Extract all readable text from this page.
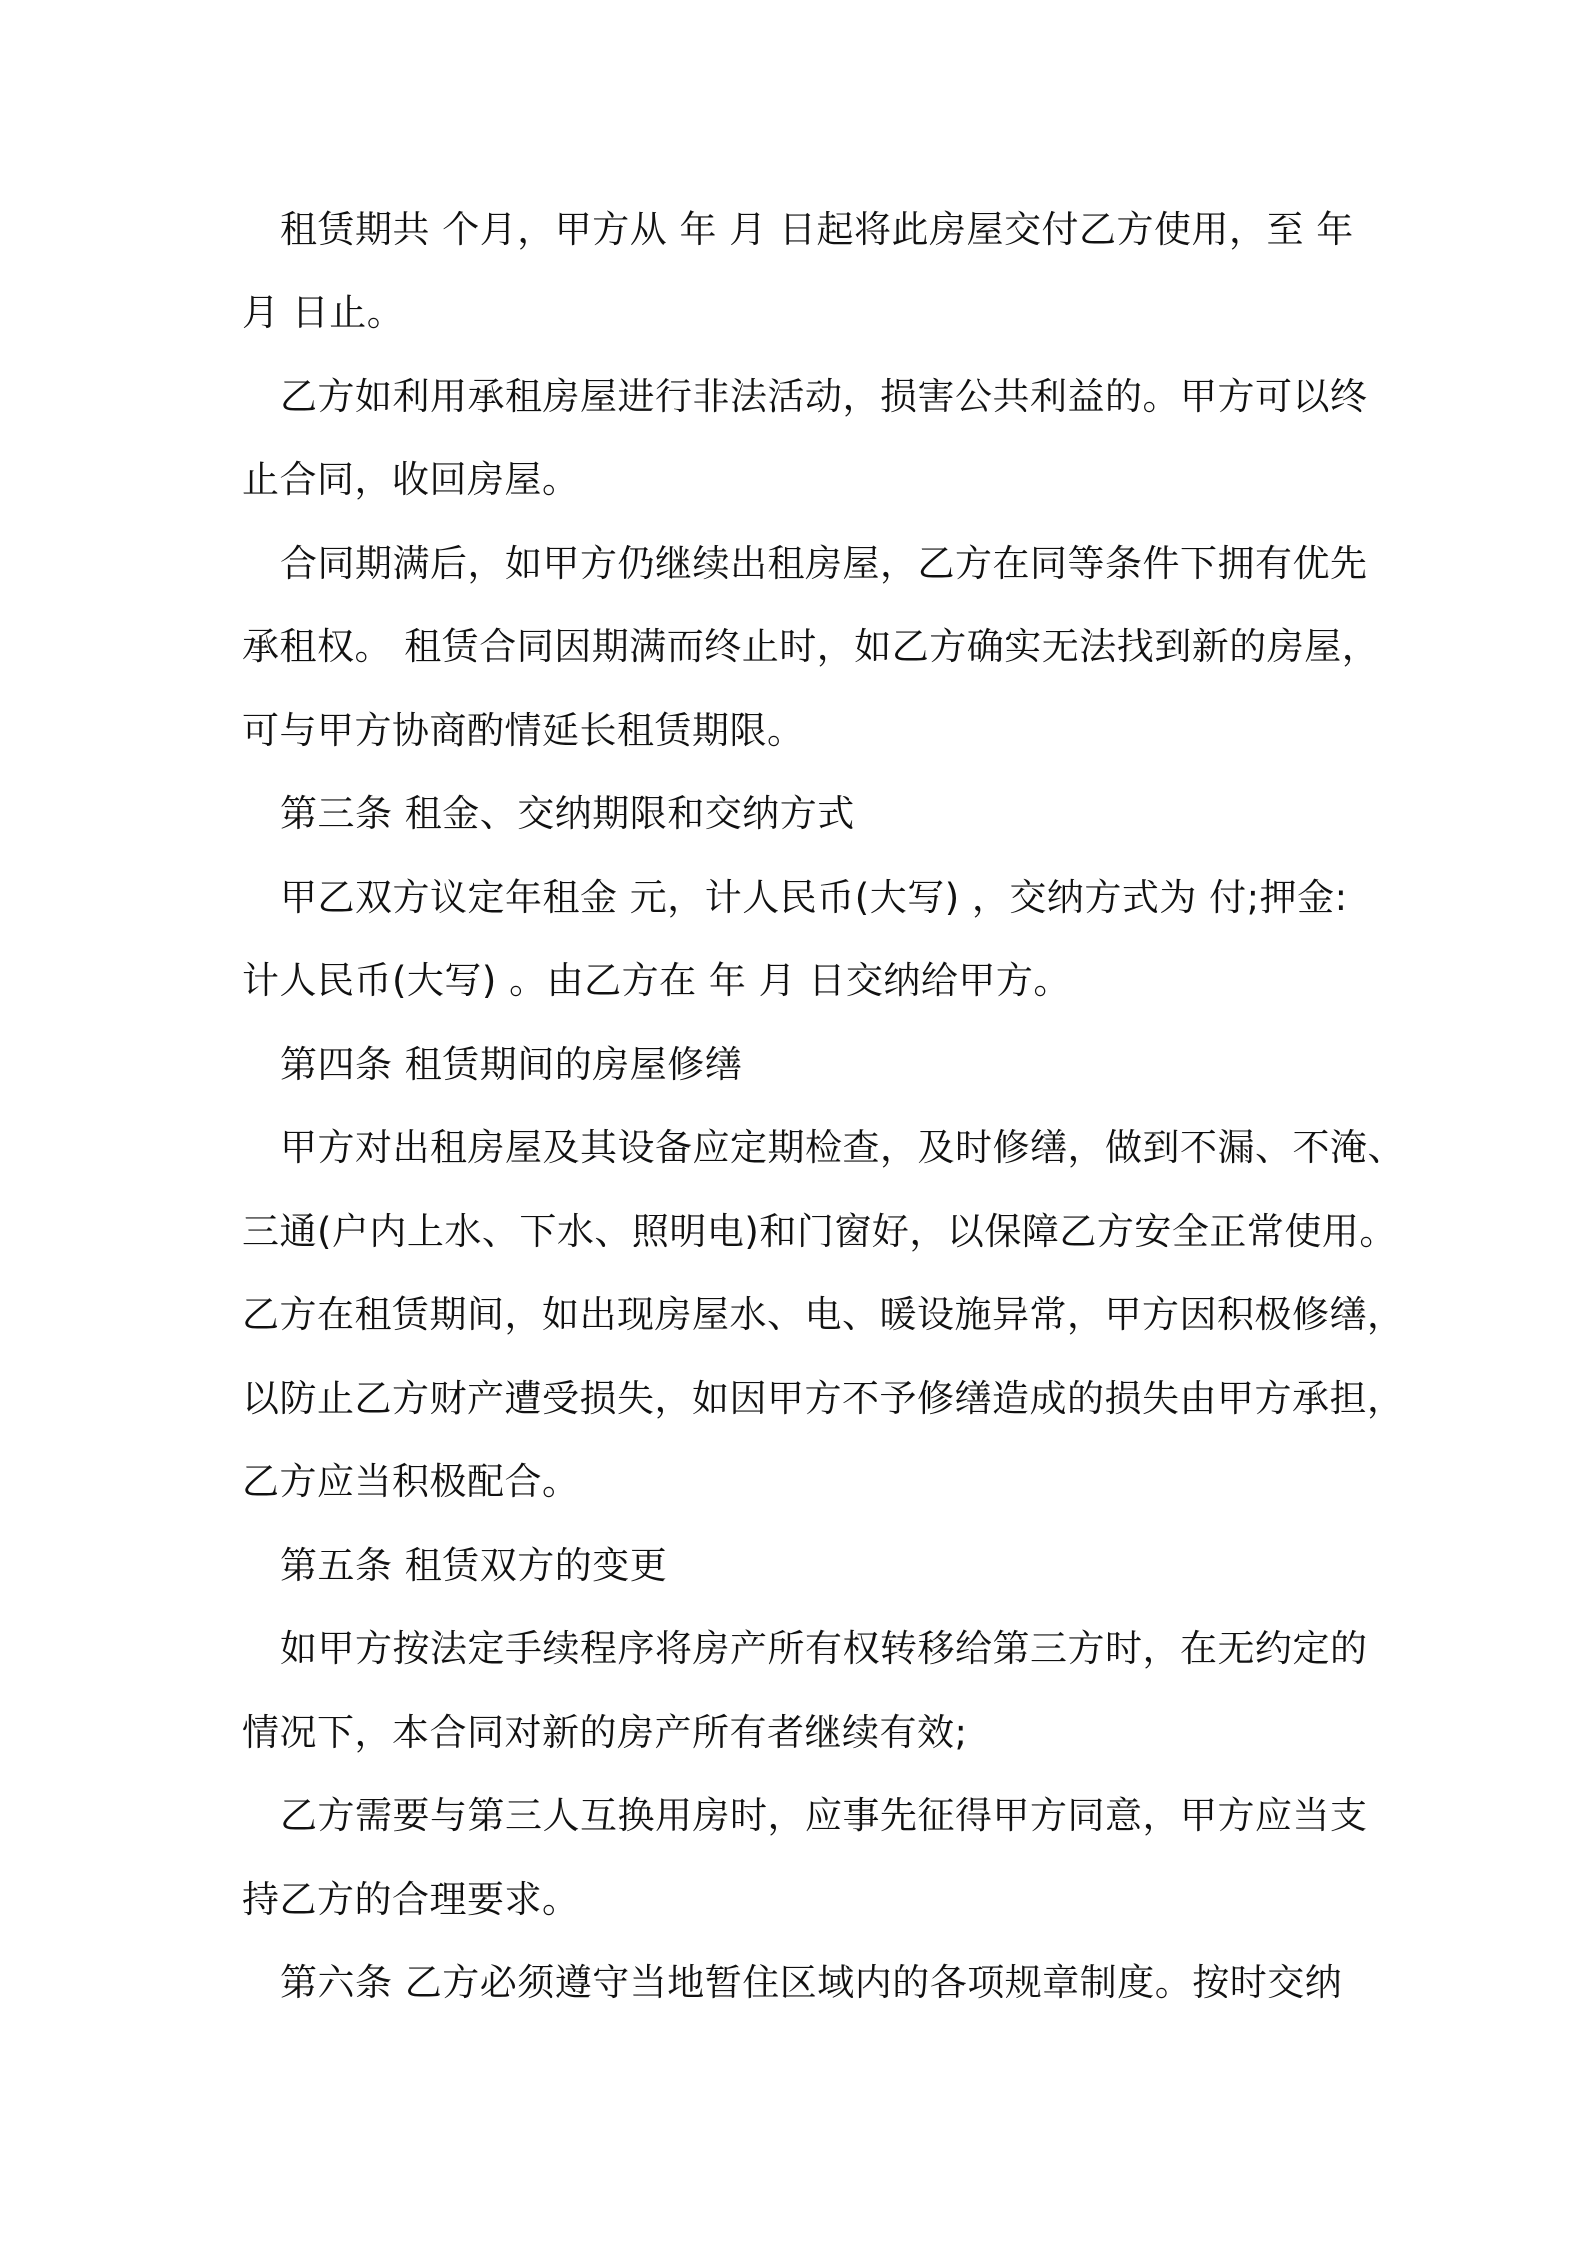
租赁期共 个月，甲方从 年 月 日起将此房屋交付乙方使用，至 年
月 日止。
乙方如利用承租房屋进行非法活动，损害公共利益的。甲方可以终
止合同，收回房屋。
合同期满后，如甲方仍继续出租房屋，乙方在同等条件下拥有优先
承租权。 租赁合同因期满而终止时，如乙方确实无法找到新的房屋，
可与甲方协商酌情延长租赁期限。
第三条 租金、交纳期限和交纳方式
甲乙双方议定年租金 元，计人民币(大写) ，交纳方式为 付;押金:
计人民币(大写) 。由乙方在 年 月 日交纳给甲方。
第四条 租赁期间的房屋修缮
甲方对出租房屋及其设备应定期检查，及时修缮，做到不漏、不淹、
三通(户内上水、下水、照明电)和门窗好，以保障乙方安全正常使用。
乙方在租赁期间，如出现房屋水、电、暖设施异常，甲方因积极修缮，
以防止乙方财产遭受损失，如因甲方不予修缮造成的损失由甲方承担，
乙方应当积极配合。
第五条 租赁双方的变更
如甲方按法定手续程序将房产所有权转移给第三方时，在无约定的
情况下，本合同对新的房产所有者继续有效;
乙方需要与第三人互换用房时，应事先征得甲方同意，甲方应当支
持乙方的合理要求。
第六条 乙方必须遵守当地暂住区域内的各项规章制度。按时交纳
